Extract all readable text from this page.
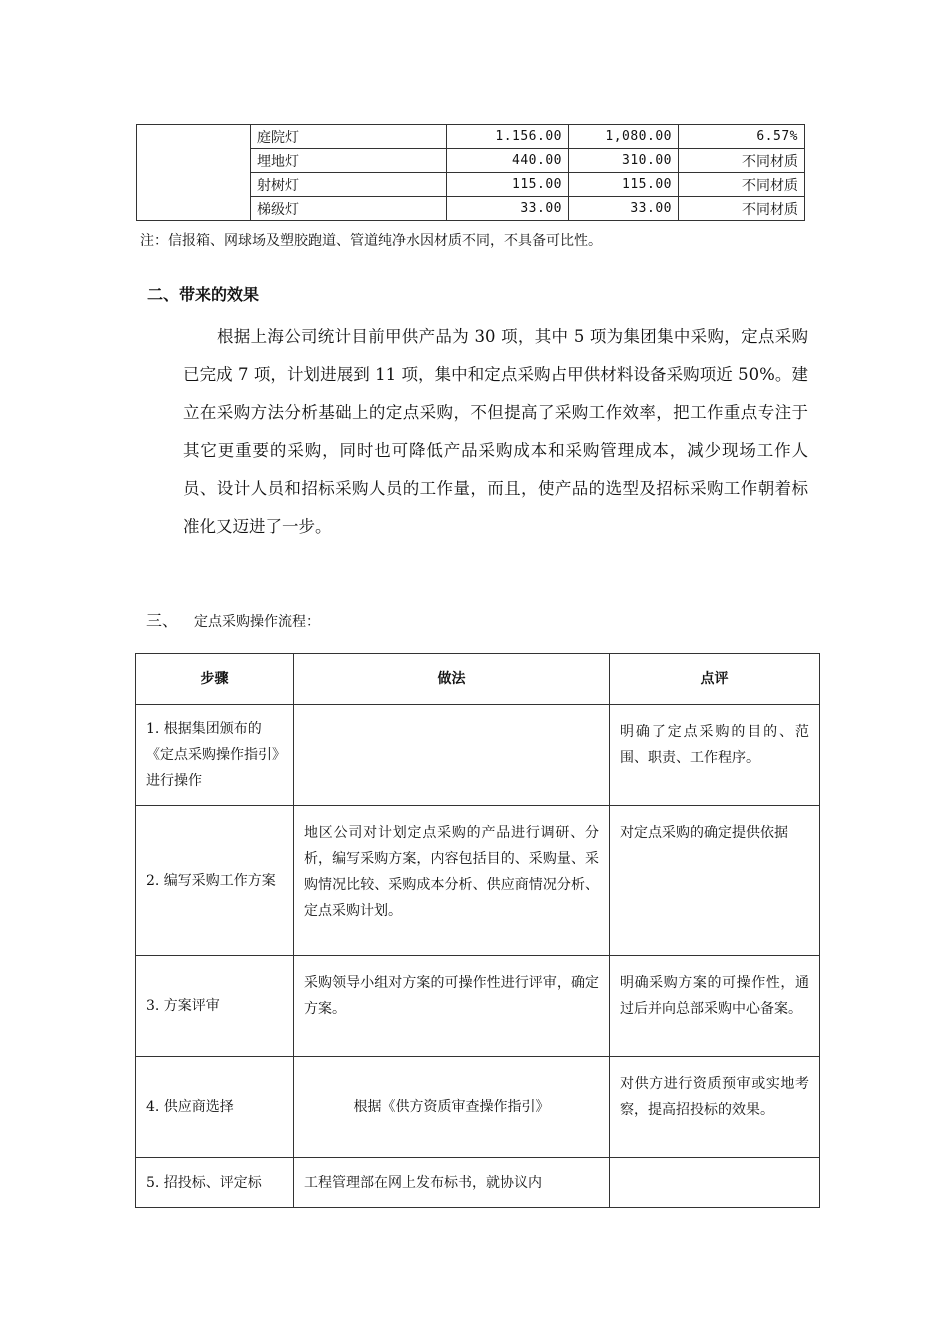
	庭院灯	1.156.00	1,080.00	6.57%
	埋地灯	440.00	310.00	不同材质
	射树灯	115.00	115.00	不同材质
	梯级灯	33.00	33.00	不同材质
注：信报箱、网球场及塑胶跑道、管道纯净水因材质不同，不具备可比性。
二、带来的效果

根据上海公司统计目前甲供产品为 30 项，其中 5 项为集团集中采购，定点采购已完成 7 项，计划进展到 11 项，集中和定点采购占甲供材料设备采购项近 50%。建立在采购方法分析基础上的定点采购，不但提高了采购工作效率，把工作重点专注于其它更重要的采购，同时也可降低产品采购成本和采购管理成本，减少现场工作人员、设计人员和招标采购人员的工作量，而且，使产品的选型及招标采购工作朝着标准化又迈进了一步。

三、 定点采购操作流程：
步骤	做法	点评

1. 根据集团颁布的《定点采购操作指引》进行操作		明确了定点采购的目的、范围、职责、工作程序。

2. 编写采购工作方案	地区公司对计划定点采购的产品进行调研、分析，编写采购方案，内容包括目的、采购量、采购情况比较、采购成本分析、供应商情况分析、定点采购计划。	对定点采购的确定提供依据

3. 方案评审	采购领导小组对方案的可操作性进行评审，确定方案。	明确采购方案的可操作性，通过后并向总部采购中心备案。

4. 供应商选择	根据《供方资质审查操作指引》	对供方进行资质预审或实地考察，提高招投标的效果。

5. 招投标、评定标	工程管理部在网上发布标书，就协议内	
